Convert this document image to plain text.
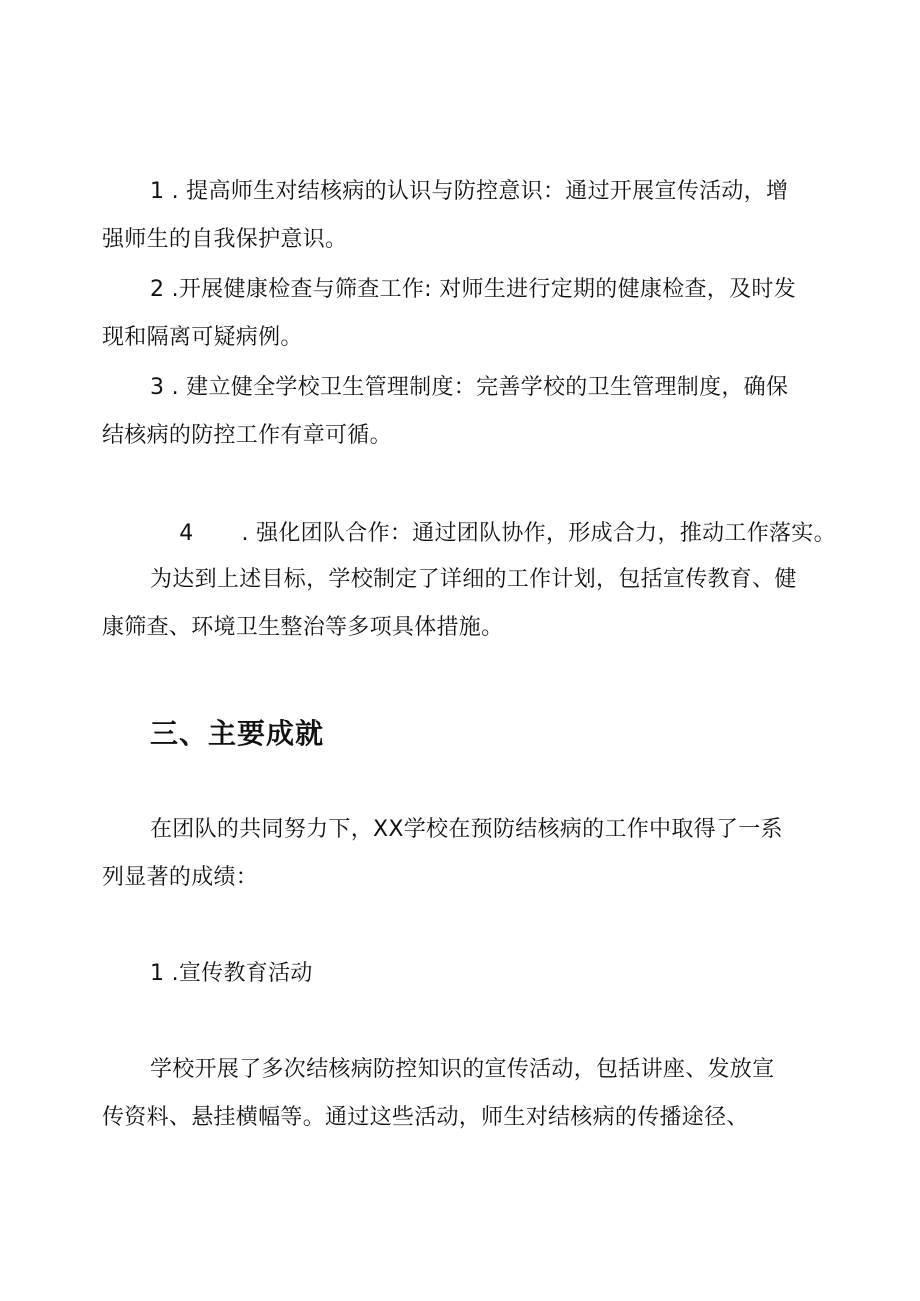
1 . 提高师生对结核病的认识与防控意识：通过开展宣传活动，增
强师生的自我保护意识。
2 .开展健康检查与筛查工作: 对师生进行定期的健康检查，及时发
现和隔离可疑病例。
3 . 建立健全学校卫生管理制度：完善学校的卫生管理制度，确保
结核病的防控工作有章可循。

4 . 强化团队合作：通过团队协作，形成合力，推动工作落实。

为达到上述目标，学校制定了详细的工作计划，包括宣传教育、健
康筛查、环境卫生整治等多项具体措施。
三、主要成就
在团队的共同努力下，XX学校在预防结核病的工作中取得了一系
列显著的成绩：
1 .宣传教育活动
学校开展了多次结核病防控知识的宣传活动，包括讲座、发放宣
传资料、悬挂横幅等。通过这些活动，师生对结核病的传播途径、
